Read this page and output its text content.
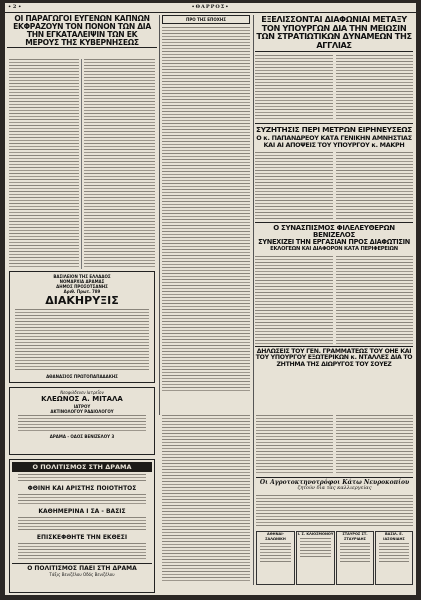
• 2 •	•ΘΑΡΡΟΣ•

ΟΙ ΠΑΡΑΓΩΓΟΙ ΕΥΓΕΝΩΝ ΚΑΠΝΩΝ ΕΚΦΡΑΖΟΥΝ ΤΟΝ ΠΟΝΟΝ ΤΩΝ ΔΙΑ ΤΗΝ ΕΓΚΑΤΑΛΕΙΨΙΝ ΤΩΝ ΕΚ ΜΕΡΟΥΣ ΤΗΣ ΚΥΒΕΡΝΗΣΕΩΣ

ΒΑΣΙΛΕΙΟΝ ΤΗΣ ΕΛΛΑΔΟΣ
ΝΟΜΑΡΧΙΑ ΔΡΑΜΑΣ
ΔΗΜΟΣ ΠΡΟΣΟΤΣΑΝΗΣ
Αριθ. Πρωτ. 789
ΔΙΑΚΗΡΥΞΙΣ
ΑΘΑΝΑΣΙΟΣ ΠΡΩΤΟΠΑΠΑΔΑΚΗΣ
Νεοφιλδενεν Ιατρεΐον
ΚΛΕΩΝΟΣ Α. ΜΙΤΑΛΑ
ΙΑΤΡΟΥ
ΑΚΤΙΝΟΛΟΓΟΥ ΡΑΔΙΟΛΟΓΟΥ
ΔΡΑΜΑ - ΟΔΟΣ ΒΕΝΙΖΕΛΟΥ 3
Ο ΠΟΛΙΤΙΣΜΟΣ ΣΤΗ ΔΡΑΜΑ
ΦΘΙΝΗ ΚΑΙ ΑΡΙΣΤΗΣ ΠΟΙΟΤΗΤΟΣ
ΚΑΘΗΜΕΡΙΝΑ Ι ΣΑ - ΒΑΣΙΣ
ΕΠΙΣΚΕΦΘΗΤΕ ΤΗΝ ΕΚΘΕΣΙ
Ο ΠΟΛΙΤΙΣΜΟΣ ΠΑΕΙ ΣΤΗ ΔΡΑΜΑ
Τάξις Βενιζέλου Οδός Βενιζέλου
ΠΡΟ ΤΗΣ ΕΠΟΧΗΣ	ΕΞΕΛΙΣΣΟΝΤΑΙ ΔΙΑΦΩΝΙΑΙ ΜΕΤΑΞΥ ΤΟΝ ΥΠΟΥΡΓΩΝ ΔΙΑ ΤΗΝ ΜΕΙΩΣΙΝ ΤΩΝ ΣΤΡΑΤΙΩΤΙΚΩΝ ΔΥΝΑΜΕΩΝ ΤΗΣ ΑΓΓΛΙΑΣ

ΣΥΖΗΤΗΣΙΣ ΠΕΡΙ ΜΕΤΡΩΝ ΕΙΡΗΝΕΥΣΕΩΣ

Ο κ. ΠΑΠΑΝΔΡΕΟΥ ΚΑΤΑ ΓΕΝΙΚΗΝ ΑΜΝΗΣΤΙΑΣ ΚΑΙ ΑΙ ΑΠΟΨΕΙΣ ΤΟΥ ΥΠΟΥΡΓΟΥ κ. ΜΑΚΡΗ

Ο ΣΥΝΑΣΠΙΣΜΟΣ ΦΙΛΕΛΕΥΘΕΡΩΝ ΒΕΝΙΖΕΛΟΣ

ΣΥΝΕΧΙΖΕΙ ΤΗΝ ΕΡΓΑΣΙΑΝ ΠΡΟΣ ΔΙΑΦΩΤΙΣΙΝ

ΕΚΛΟΓΕΩΝ ΚΑΙ ΔΙΑΦΟΡΟΝ ΚΑΤΑ ΠΕΡΙΦΕΡΕΙΩΝ

ΔΗΛΩΣΕΙΣ ΤΟΥ ΓΕΝ. ΓΡΑΜΜΑΤΕΩΣ ΤΟΥ ΟΗΕ ΚΑΙ ΤΟΥ ΥΠΟΥΡΓΟΥ ΕΞΩΤΕΡΙΚΩΝ κ. ΝΤΑΛΛΕΣ ΔΙΑ ΤΟ ΖΗΤΗΜΑ ΤΗΣ ΔΙΩΡΥΓΟΣ ΤΟΥ ΣΟΥΕΖ

Οι Αγροτοκτηνοτρόφοι Κάτω Νευροκοπίου

ζητούν δια τας καλλιεργείας

ΑΘΗΝΑΙ-ΣΑΛΩΝΙΚΗ
Ι. Σ. ΚΛΙΟΣΜΟΝΟΥ	ΣΤΑΥΡΟΣ ΣΤ. ΣΤΑΥΡΙΔΗΣ
ΒΑΣΙΛ. Ε. ΙΑΣΟΝΙΔΗΣ
